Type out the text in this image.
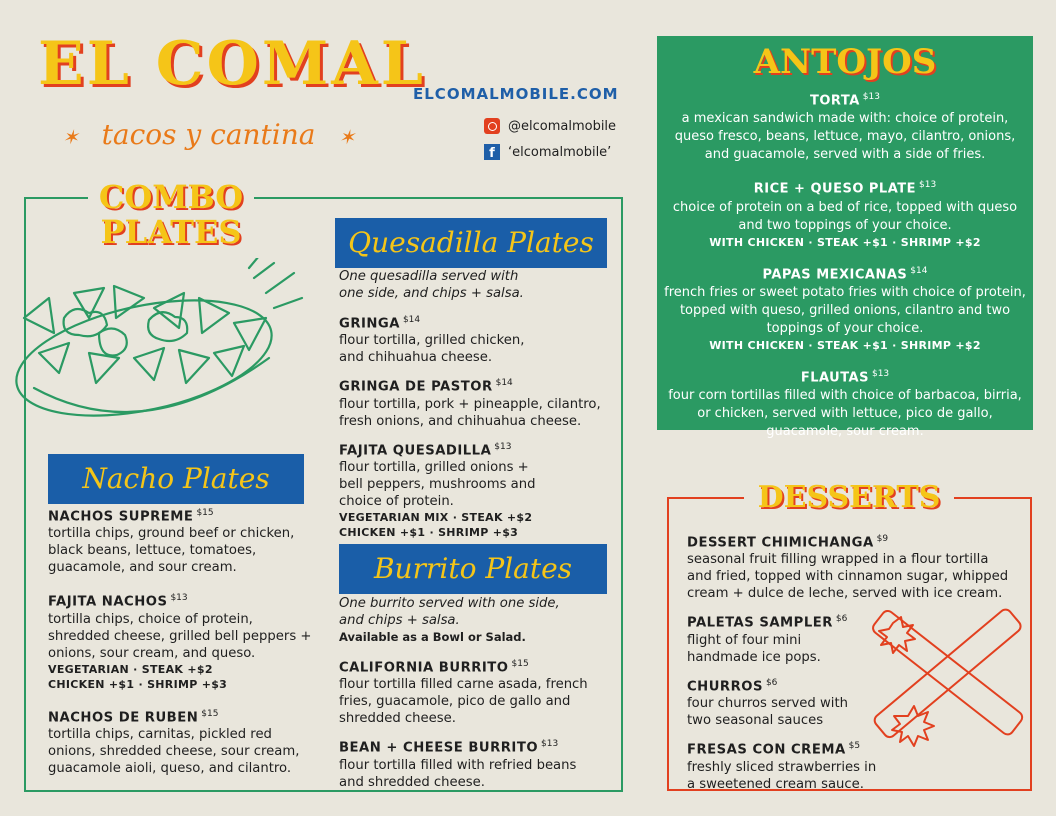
EL COMAL
✶ tacos y cantina ✶
ELCOMALMOBILE.COM
@elcomalmobile
f	‘elcomalmobile’
COMBO
PLATES
Nacho Plates
NACHOS SUPREME $^{\$15}$
tortilla chips, ground beef or chicken, black beans, lettuce, tomatoes, guacamole, and sour cream.
FAJITA NACHOS $^{\$13}$
tortilla chips, choice of protein, shredded cheese, grilled bell peppers + onions, sour cream, and queso.
VEGETARIAN · STEAK +$2
CHICKEN +$1 · SHRIMP +$3
NACHOS DE RUBEN $^{\$15}$
tortilla chips, carnitas, pickled red onions, shredded cheese, sour cream, guacamole aioli, queso, and cilantro.
Quesadilla Plates
One quesadilla served with one side, and chips + salsa.
GRINGA $^{\$14}$
flour tortilla, grilled chicken, and chihuahua cheese.
GRINGA DE PASTOR $^{\$14}$
flour tortilla, pork + pineapple, cilantro, fresh onions, and chihuahua cheese.
FAJITA QUESADILLA $^{\$13}$
flour tortilla, grilled onions + bell peppers, mushrooms and choice of protein.
VEGETARIAN MIX · STEAK +$2
CHICKEN +$1 · SHRIMP +$3
Burrito Plates
One burrito served with one side, and chips + salsa.
Available as a Bowl or Salad.
CALIFORNIA BURRITO $^{\$15}$
flour tortilla filled carne asada, french fries, guacamole, pico de gallo and shredded cheese.
BEAN + CHEESE BURRITO $^{\$13}$
flour tortilla filled with refried beans and shredded cheese.
ANTOJOS
TORTA $^{\$13}$
a mexican sandwich made with: choice of protein, queso fresco, beans, lettuce, mayo, cilantro, onions, and guacamole, served with a side of fries.
RICE + QUESO PLATE $^{\$13}$
choice of protein on a bed of rice, topped with queso and two toppings of your choice.
WITH CHICKEN · STEAK +$1 · SHRIMP +$2
PAPAS MEXICANAS $^{\$14}$
french fries or sweet potato fries with choice of protein, topped with queso, grilled onions, cilantro and two toppings of your choice.
WITH CHICKEN · STEAK +$1 · SHRIMP +$2
FLAUTAS $^{\$13}$
four corn tortillas filled with choice of barbacoa, birria, or chicken, served with lettuce, pico de gallo, guacamole, sour cream.
DESSERTS
DESSERT CHIMICHANGA $^{\$9}$
seasonal fruit filling wrapped in a flour tortilla and fried, topped with cinnamon sugar, whipped cream + dulce de leche, served with ice cream.
PALETAS SAMPLER $^{\$6}$
flight of four mini handmade ice pops.
CHURROS $^{\$6}$
four churros served with two seasonal sauces
FRESAS CON CREMA $^{\$5}$
freshly sliced strawberries in a sweetened cream sauce.
